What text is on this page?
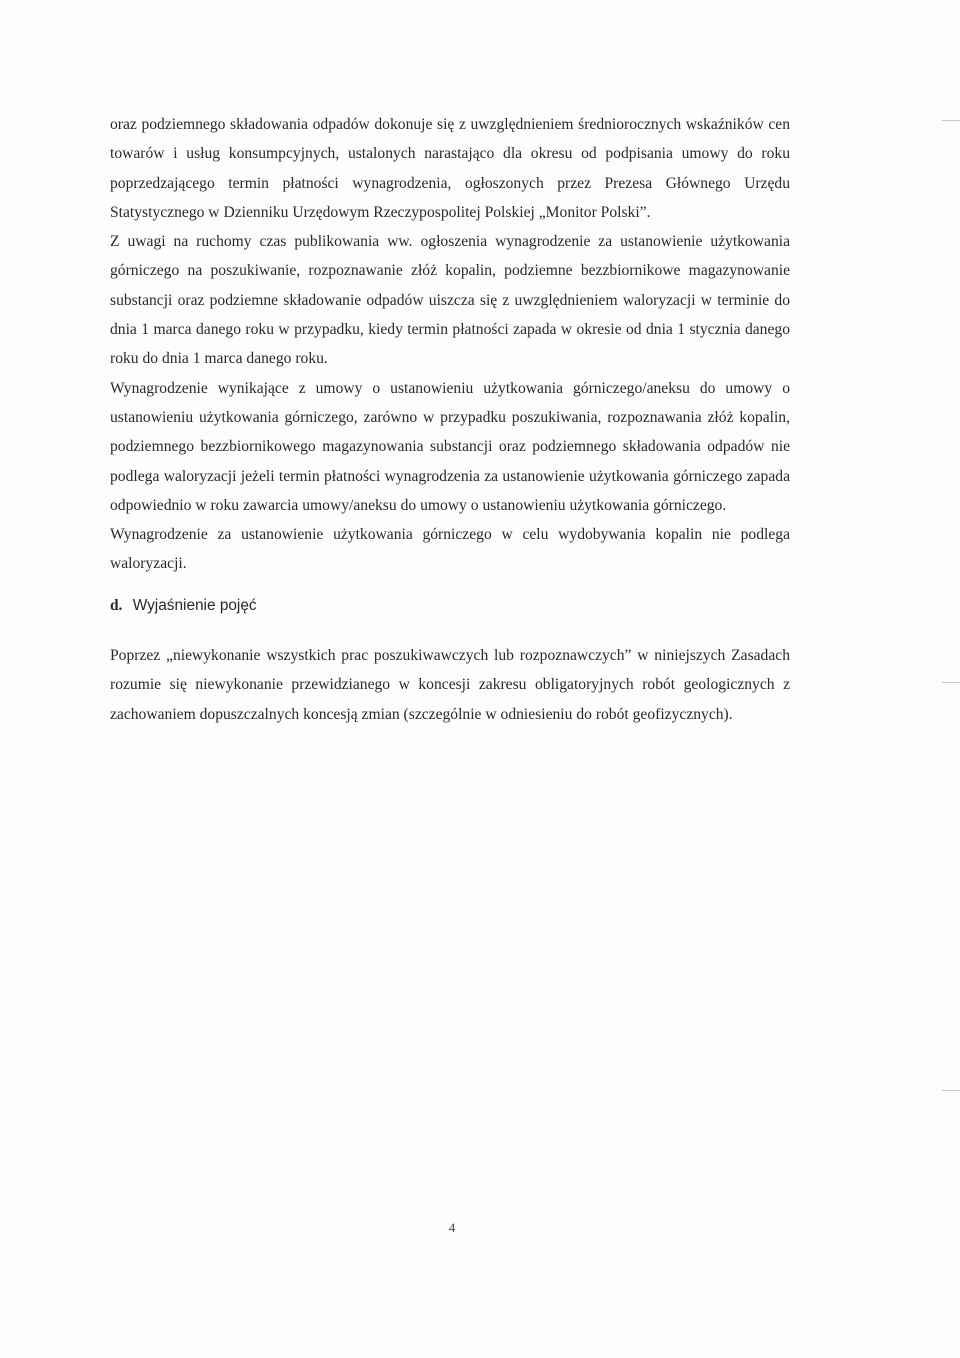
oraz podziemnego składowania odpadów dokonuje się z uwzględnieniem średniorocznych wskaźników cen towarów i usług konsumpcyjnych, ustalonych narastająco dla okresu od podpisania umowy do roku poprzedzającego termin płatności wynagrodzenia, ogłoszonych przez Prezesa Głównego Urzędu Statystycznego w Dzienniku Urzędowym Rzeczypospolitej Polskiej „Monitor Polski”.

Z uwagi na ruchomy czas publikowania ww. ogłoszenia wynagrodzenie za ustanowienie użytkowania górniczego na poszukiwanie, rozpoznawanie złóż kopalin, podziemne bezzbiornikowe magazynowanie substancji oraz podziemne składowanie odpadów uiszcza się z uwzględnieniem waloryzacji w terminie do dnia 1 marca danego roku w przypadku, kiedy termin płatności zapada w okresie od dnia 1 stycznia danego roku do dnia 1 marca danego roku.

Wynagrodzenie wynikające z umowy o ustanowieniu użytkowania górniczego/aneksu do umowy o ustanowieniu użytkowania górniczego, zarówno w przypadku poszukiwania, rozpoznawania złóż kopalin, podziemnego bezzbiornikowego magazynowania substancji oraz podziemnego składowania odpadów nie podlega waloryzacji jeżeli termin płatności wynagrodzenia za ustanowienie użytkowania górniczego zapada odpowiednio w roku zawarcia umowy/aneksu do umowy o ustanowieniu użytkowania górniczego.

Wynagrodzenie za ustanowienie użytkowania górniczego w celu wydobywania kopalin nie podlega waloryzacji.

d. Wyjaśnienie pojęć

Poprzez „niewykonanie wszystkich prac poszukiwawczych lub rozpoznawczych” w niniejszych Zasadach rozumie się niewykonanie przewidzianego w koncesji zakresu obligatoryjnych robót geologicznych z zachowaniem dopuszczalnych koncesją zmian (szczególnie w odniesieniu do robót geofizycznych).

4
